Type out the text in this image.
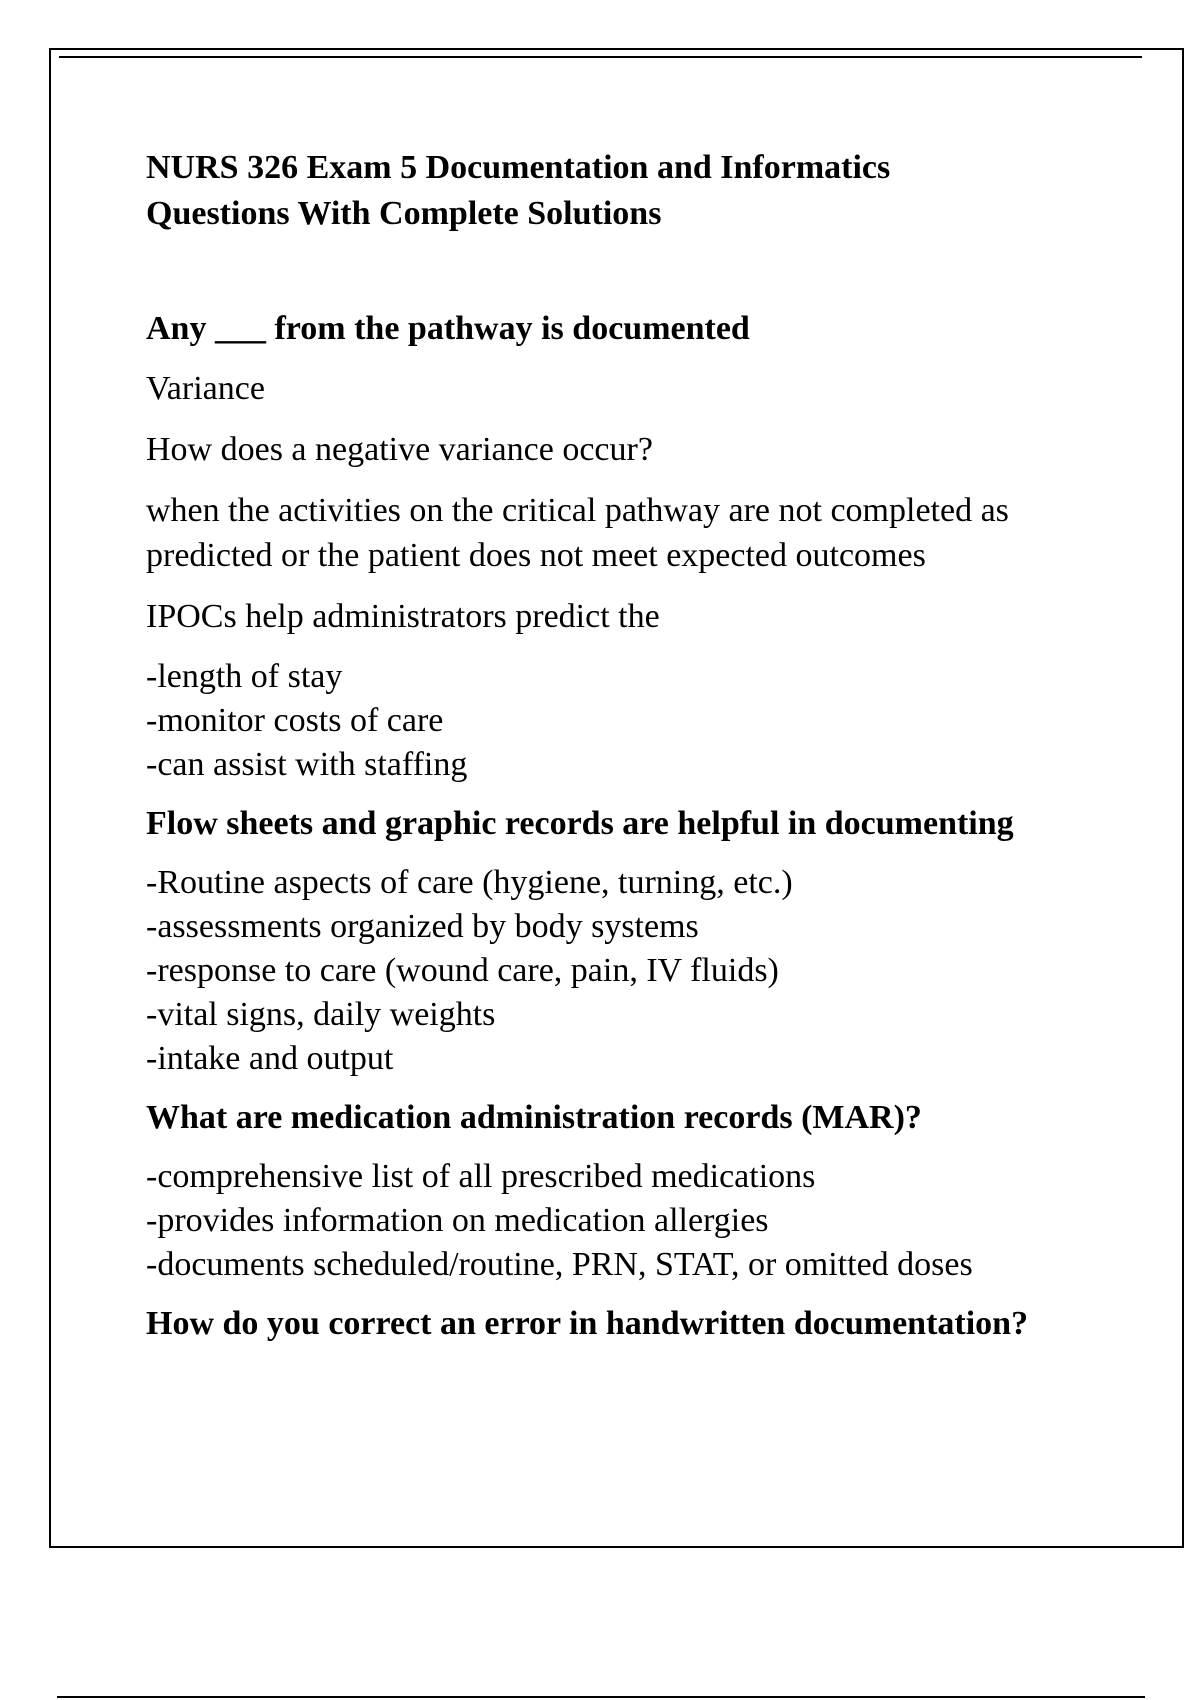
NURS 326 Exam 5 Documentation and Informatics
Questions With Complete Solutions

Any ___ from the pathway is documented

Variance

How does a negative variance occur?

when the activities on the critical pathway are not completed as predicted or the patient does not meet expected outcomes

IPOCs help administrators predict the

-length of stay
-monitor costs of care
-can assist with staffing

Flow sheets and graphic records are helpful in documenting

-Routine aspects of care (hygiene, turning, etc.)
-assessments organized by body systems
-response to care (wound care, pain, IV fluids)
-vital signs, daily weights
-intake and output

What are medication administration records (MAR)?

-comprehensive list of all prescribed medications
-provides information on medication allergies
-documents scheduled/routine, PRN, STAT, or omitted doses

How do you correct an error in handwritten documentation?
